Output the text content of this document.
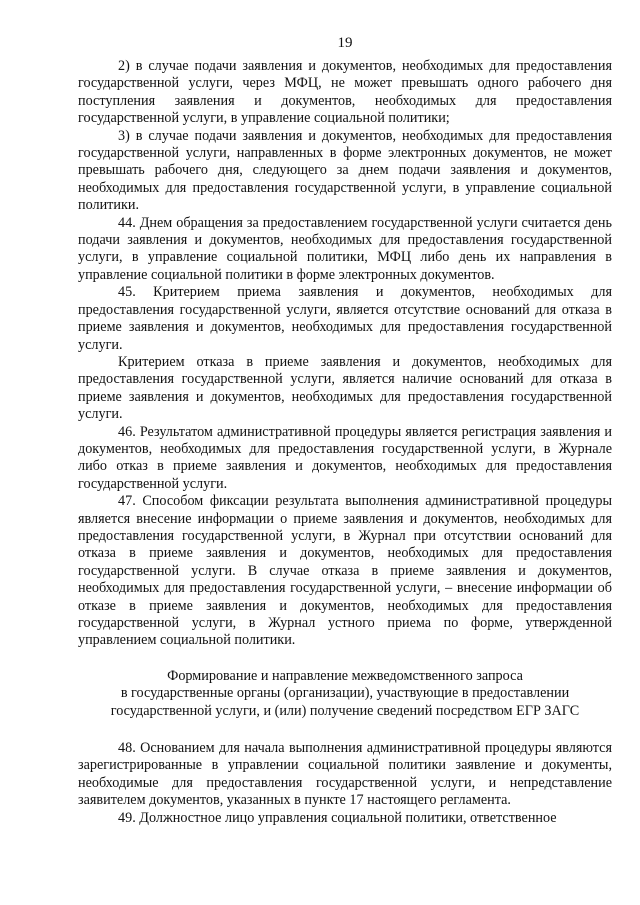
19

2) в случае подачи заявления и документов, необходимых для предоставления государственной услуги, через МФЦ, не может превышать одного рабочего дня поступления заявления и документов, необходимых для предоставления государственной услуги, в управление социальной политики;

3) в случае подачи заявления и документов, необходимых для предоставления государственной услуги, направленных в форме электронных документов, не может превышать рабочего дня, следующего за днем подачи заявления и документов, необходимых для предоставления государственной услуги, в управление социальной политики.

44. Днем обращения за предоставлением государственной услуги считается день подачи заявления и документов, необходимых для предоставления государственной услуги, в управление социальной политики, МФЦ либо день их направления в управление социальной политики в форме электронных документов.

45. Критерием приема заявления и документов, необходимых для предоставления государственной услуги, является отсутствие оснований для отказа в приеме заявления и документов, необходимых для предоставления государственной услуги.

Критерием отказа в приеме заявления и документов, необходимых для предоставления государственной услуги, является наличие оснований для отказа в приеме заявления и документов, необходимых для предоставления государственной услуги.

46. Результатом административной процедуры является регистрация заявления и документов, необходимых для предоставления государственной услуги, в Журнале либо отказ в приеме заявления и документов, необходимых для предоставления государственной услуги.

47. Способом фиксации результата выполнения административной процедуры является внесение информации о приеме заявления и документов, необходимых для предоставления государственной услуги, в Журнал при отсутствии оснований для отказа в приеме заявления и документов, необходимых для предоставления государственной услуги. В случае отказа в приеме заявления и документов, необходимых для предоставления государственной услуги, – внесение информации об отказе в приеме заявления и документов, необходимых для предоставления государственной услуги, в Журнал устного приема по форме, утвержденной управлением социальной политики.

Формирование и направление межведомственного запроса
в государственные органы (организации), участвующие в предоставлении
государственной услуги, и (или) получение сведений посредством ЕГР ЗАГС

48. Основанием для начала выполнения административной процедуры являются зарегистрированные в управлении социальной политики заявление и документы, необходимые для предоставления государственной услуги, и непредставление заявителем документов, указанных в пункте 17 настоящего регламента.

49. Должностное лицо управления социальной политики, ответственное
